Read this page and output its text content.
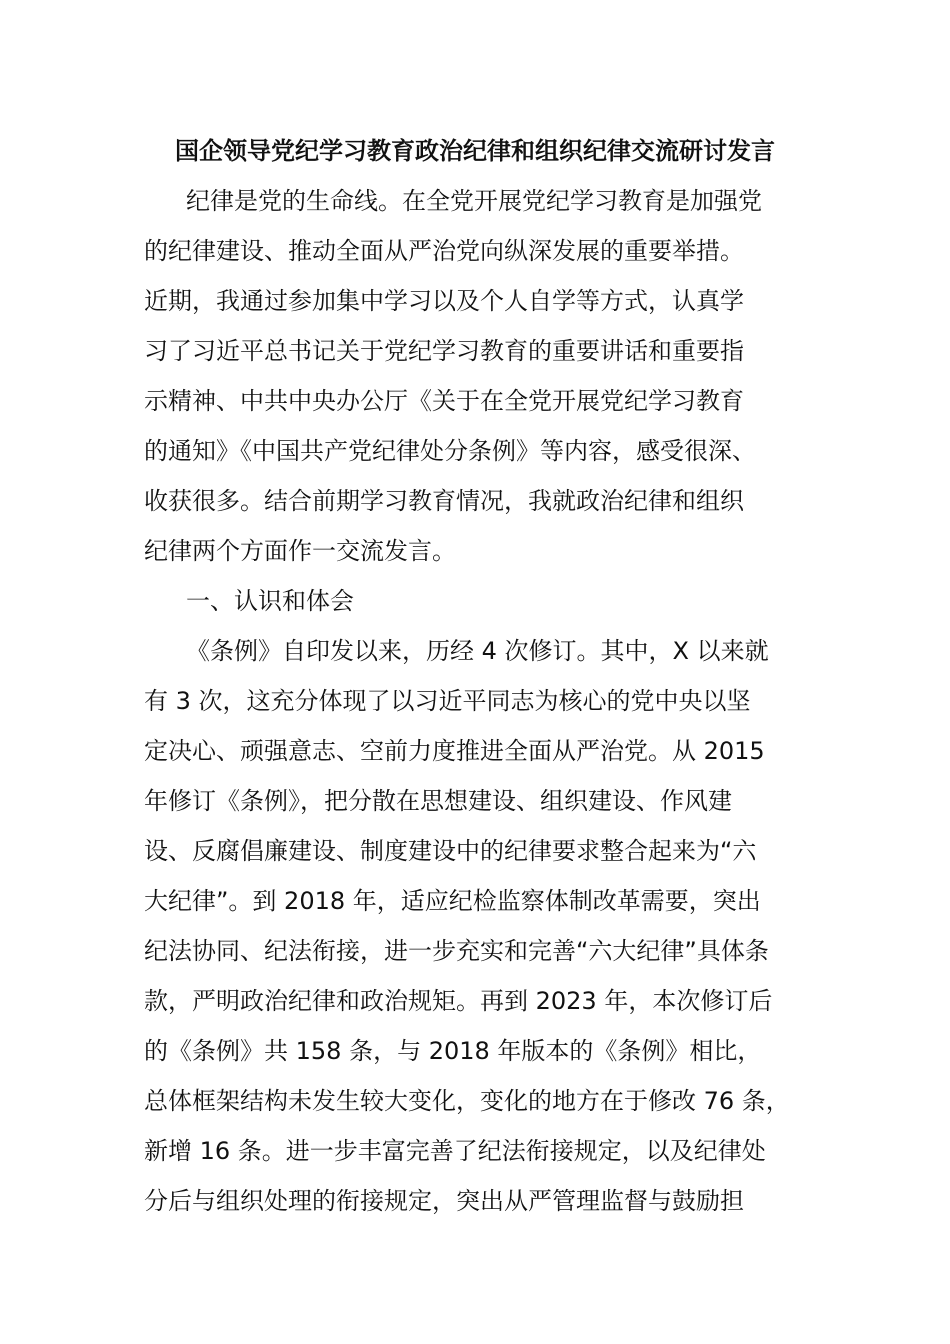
国企领导党纪学习教育政治纪律和组织纪律交流研讨发言
纪律是党的生命线。在全党开展党纪学习教育是加强党
的纪律建设、推动全面从严治党向纵深发展的重要举措。
近期，我通过参加集中学习以及个人自学等方式，认真学
习了习近平总书记关于党纪学习教育的重要讲话和重要指
示精神、中共中央办公厅《关于在全党开展党纪学习教育
的通知》《中国共产党纪律处分条例》等内容，感受很深、
收获很多。结合前期学习教育情况，我就政治纪律和组织
纪律两个方面作一交流发言。
一、认识和体会
《条例》自印发以来，历经 4 次修订。其中，X 以来就
有 3 次，这充分体现了以习近平同志为核心的党中央以坚
定决心、顽强意志、空前力度推进全面从严治党。从 2015
年修订《条例》，把分散在思想建设、组织建设、作风建
设、反腐倡廉建设、制度建设中的纪律要求整合起来为“六
大纪律”。到 2018 年，适应纪检监察体制改革需要，突出
纪法协同、纪法衔接，进一步充实和完善“六大纪律”具体条
款，严明政治纪律和政治规矩。再到 2023 年，本次修订后
的《条例》共 158 条，与 2018 年版本的《条例》相比，
总体框架结构未发生较大变化，变化的地方在于修改 76 条，
新增 16 条。进一步丰富完善了纪法衔接规定，以及纪律处
分后与组织处理的衔接规定，突出从严管理监督与鼓励担
